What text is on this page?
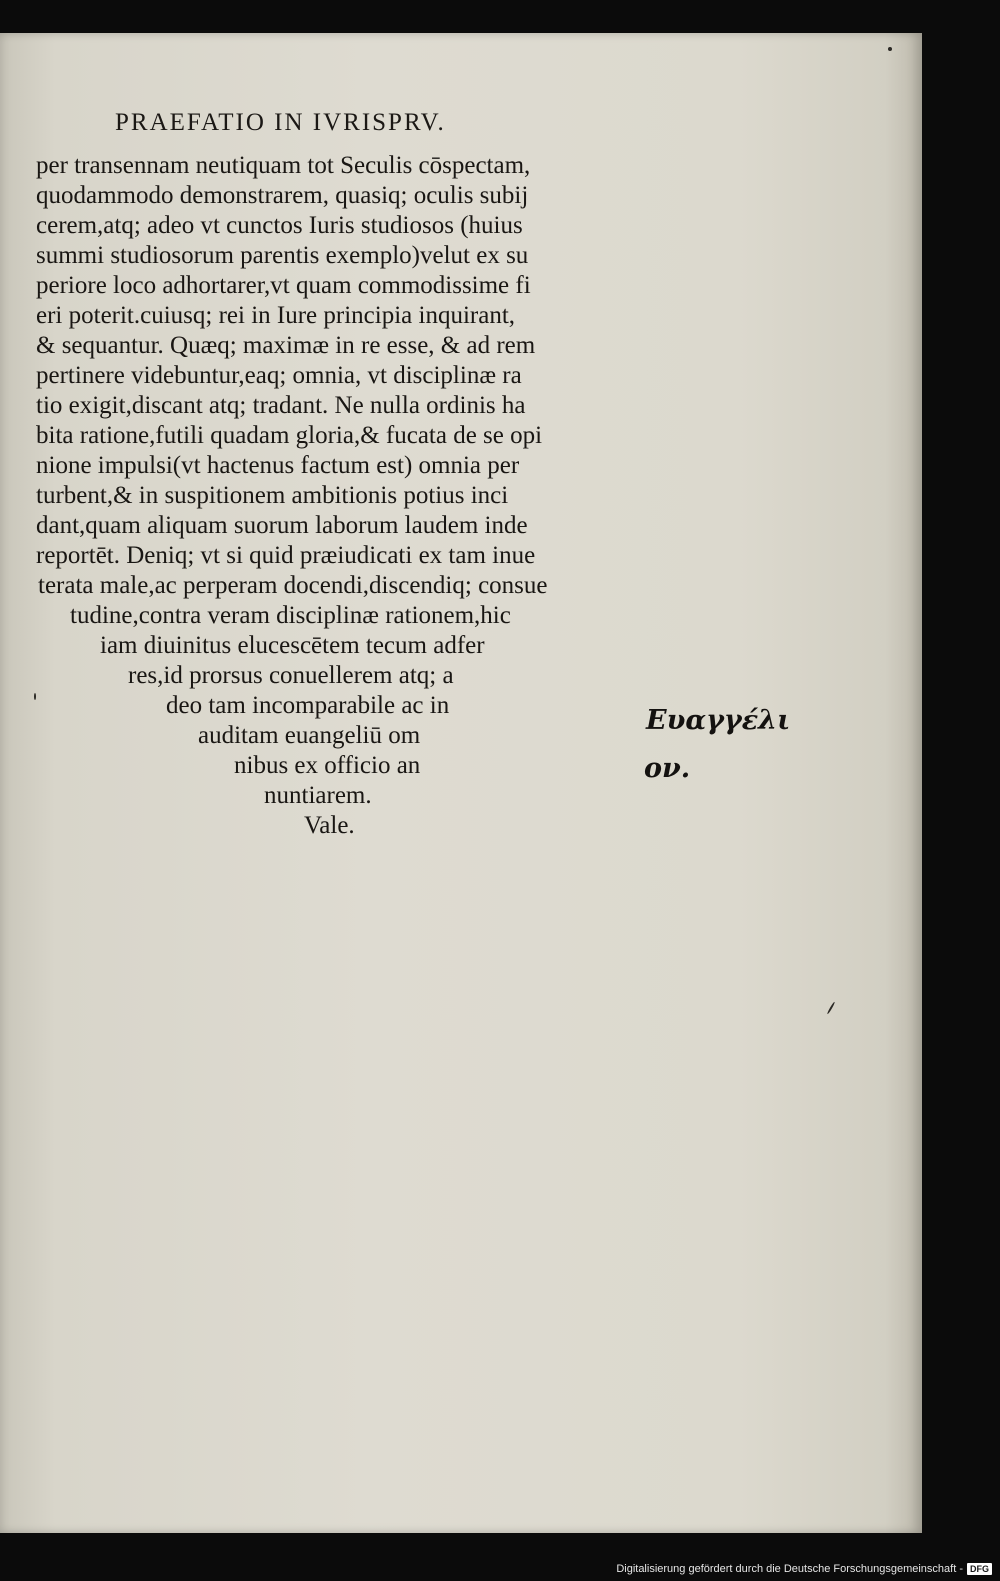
PRAEFATIO IN IVRISPRV.
per transennam neutiquam tot Seculis cōspectam,
quodammodo demonstrarem, quasiq; oculis subij
cerem,atq; adeo vt cunctos Iuris studiosos (huius
summi studiosorum parentis exemplo)velut ex su
periore loco adhortarer,vt quam commodissime fi
eri poterit.cuiusq; rei in Iure principia inquirant,
& sequantur. Quæq; maximæ in re esse, & ad rem
pertinere videbuntur,eaq; omnia, vt disciplinæ ra
tio exigit,discant atq; tradant. Ne nulla ordinis ha
bita ratione,futili quadam gloria,& fucata de se opi
nione impulsi(vt hactenus factum est) omnia per
turbent,& in suspitionem ambitionis potius inci
dant,quam aliquam suorum laborum laudem inde
reportēt. Deniq; vt si quid præiudicati ex tam inue
terata male,ac perperam docendi,discendiq; consue
tudine,contra veram disciplinæ rationem,hic
iam diuinitus elucescētem tecum adfer
res,id prorsus conuellerem atq; a
deo tam incomparabile ac in
auditam euangeliū om
nibus ex officio an
nuntiarem.
Vale.
Ευαγγέλι
ον.
Digitalisierung gefördert durch die Deutsche Forschungsgemeinschaft - DFG
